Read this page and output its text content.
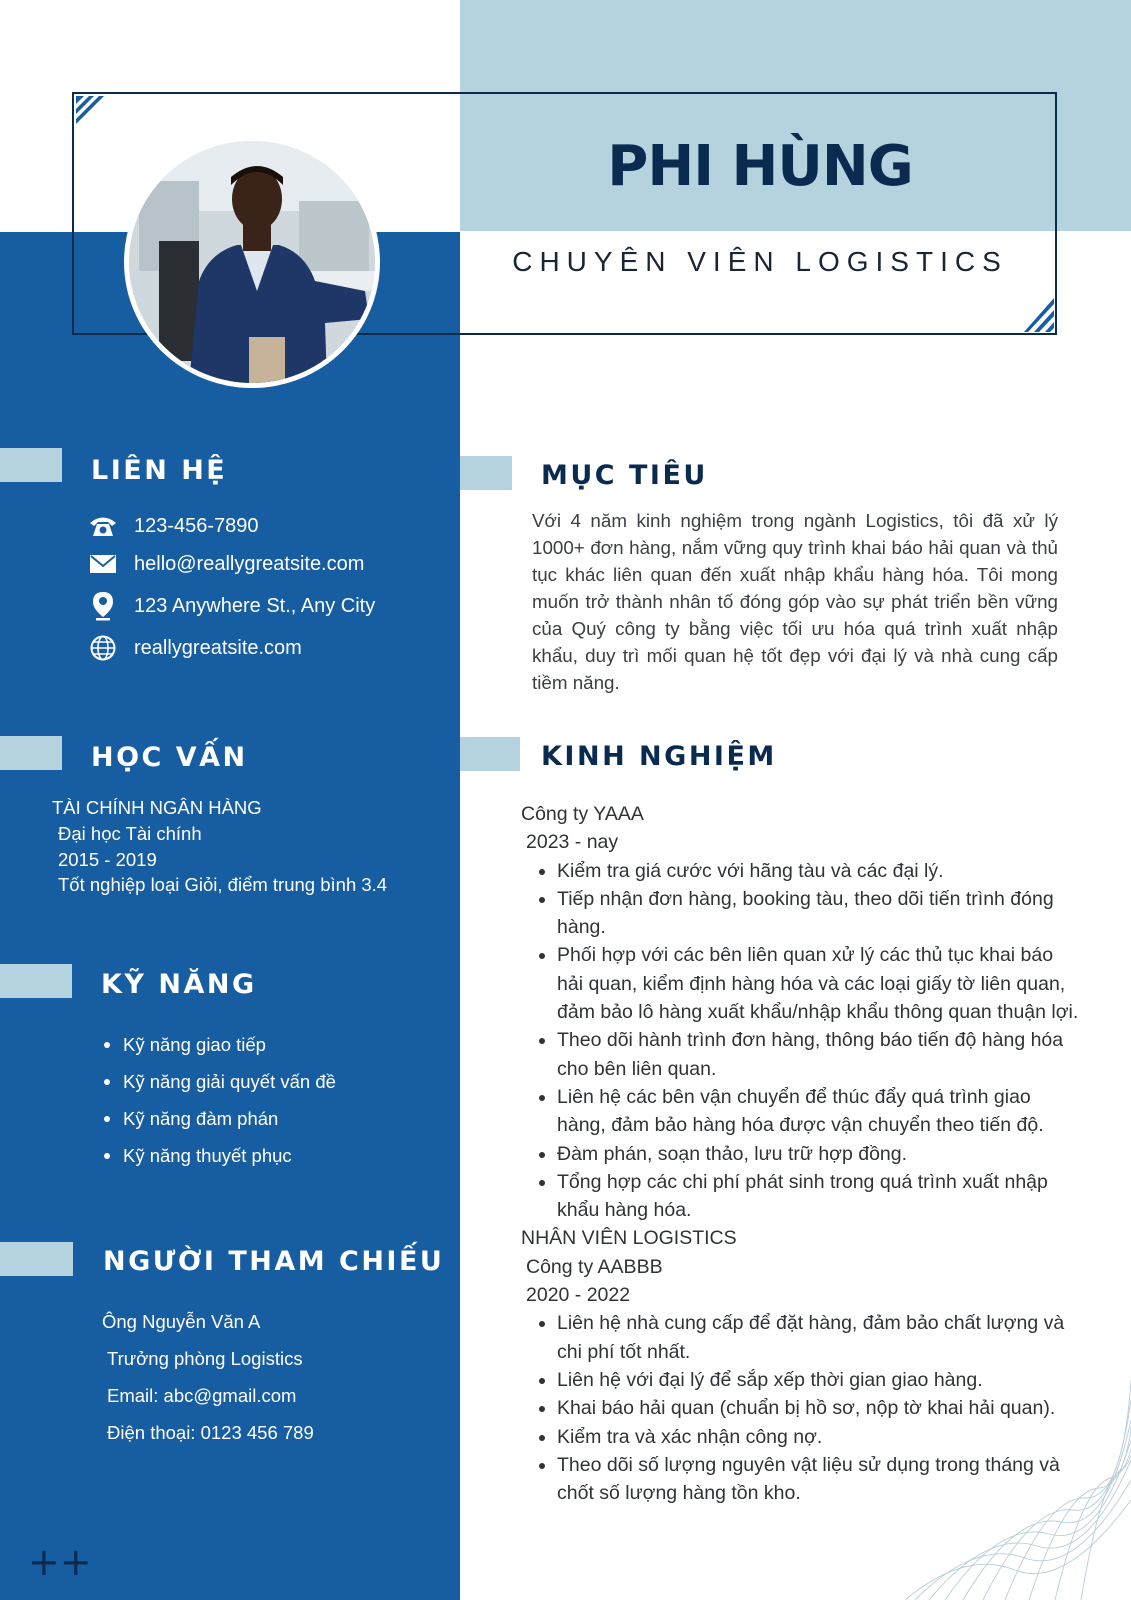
PHI HÙNG
CHUYÊN VIÊN LOGISTICS
LIÊN HỆ
123-456-7890
hello@reallygreatsite.com
123 Anywhere St., Any City
reallygreatsite.com
HỌC VẤN
TÀI CHÍNH NGÂN HÀNG
Đại học Tài chính
2015 - 2019
Tốt nghiệp loại Giỏi, điểm trung bình 3.4
KỸ NĂNG
Kỹ năng giao tiếp
Kỹ năng giải quyết vấn đề
Kỹ năng đàm phán
Kỹ năng thuyết phục
NGƯỜI THAM CHIẾU
Ông Nguyễn Văn A
Trưởng phòng Logistics
Email: abc@gmail.com
Điện thoại: 0123 456 789
++
MỤC TIÊU
Với 4 năm kinh nghiệm trong ngành Logistics, tôi đã xử lý 1000+ đơn hàng, nắm vững quy trình khai báo hải quan và thủ tục khác liên quan đến xuất nhập khẩu hàng hóa. Tôi mong muốn trở thành nhân tố đóng góp vào sự phát triển bền vững của Quý công ty bằng việc tối ưu hóa quá trình xuất nhập khẩu, duy trì mối quan hệ tốt đẹp với đại lý và nhà cung cấp tiềm năng.
KINH NGHIỆM

Công ty YAAA

2023 - nay

• Kiểm tra giá cước với hãng tàu và các đại lý.
• Tiếp nhận đơn hàng, booking tàu, theo dõi tiến trình đóng hàng.
• Phối hợp với các bên liên quan xử lý các thủ tục khai báo hải quan, kiểm định hàng hóa và các loại giấy tờ liên quan, đảm bảo lô hàng xuất khẩu/nhập khẩu thông quan thuận lợi.
• Theo dõi hành trình đơn hàng, thông báo tiến độ hàng hóa cho bên liên quan.
• Liên hệ các bên vận chuyển để thúc đẩy quá trình giao hàng, đảm bảo hàng hóa được vận chuyển theo tiến độ.
• Đàm phán, soạn thảo, lưu trữ hợp đồng.
• Tổng hợp các chi phí phát sinh trong quá trình xuất nhập khẩu hàng hóa.

NHÂN VIÊN LOGISTICS

Công ty AABBB

2020 - 2022

• Liên hệ nhà cung cấp để đặt hàng, đảm bảo chất lượng và chi phí tốt nhất.
• Liên hệ với đại lý để sắp xếp thời gian giao hàng.
• Khai báo hải quan (chuẩn bị hồ sơ, nộp tờ khai hải quan).
• Kiểm tra và xác nhận công nợ.
• Theo dõi số lượng nguyên vật liệu sử dụng trong tháng và chốt số lượng hàng tồn kho.
